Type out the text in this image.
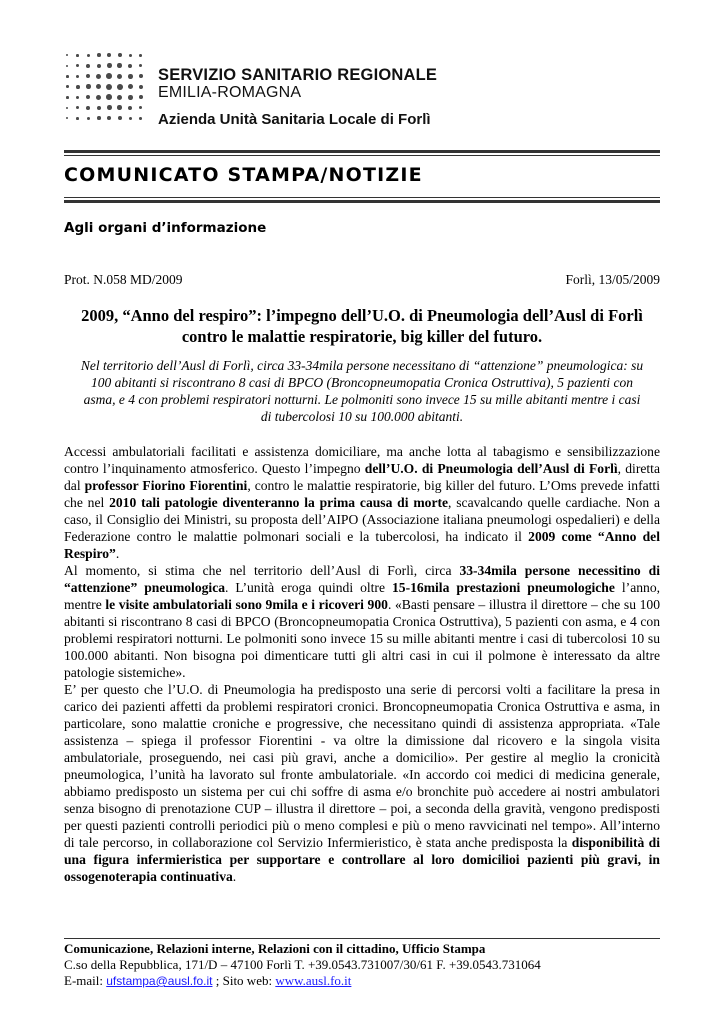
SERVIZIO SANITARIO REGIONALE
EMILIA-ROMAGNA
Azienda Unità Sanitaria Locale di Forlì
COMUNICATO STAMPA/NOTIZIE
Agli organi d’informazione
Prot. N.058 MD/2009	Forlì, 13/05/2009
2009, “Anno del respiro”: l’impegno dell’U.O. di Pneumologia dell’Ausl di Forlì contro le malattie respiratorie, big killer del futuro.
Nel territorio dell’Ausl di Forlì, circa 33-34mila persone necessitano di “attenzione” pneumologica: su 100 abitanti si riscontrano 8 casi di BPCO (Broncopneumopatia Cronica Ostruttiva), 5 pazienti con asma, e 4 con problemi respiratori notturni. Le polmoniti sono invece 15 su mille abitanti mentre i casi di tubercolosi 10 su 100.000 abitanti.

Accessi ambulatoriali facilitati e assistenza domiciliare, ma anche lotta al tabagismo e sensibilizzazione contro l’inquinamento atmosferico. Questo l’impegno dell’U.O. di Pneumologia dell’Ausl di Forlì, diretta dal professor Fiorino Fiorentini, contro le malattie respiratorie, big killer del futuro. L’Oms prevede infatti che nel 2010 tali patologie diventeranno la prima causa di morte, scavalcando quelle cardiache. Non a caso, il Consiglio dei Ministri, su proposta dell’AIPO (Associazione italiana pneumologi ospedalieri) e della Federazione contro le malattie polmonari sociali e la tubercolosi, ha indicato il 2009 come “Anno del Respiro”.

Al momento, si stima che nel territorio dell’Ausl di Forlì, circa 33-34mila persone necessitino di “attenzione” pneumologica. L’unità eroga quindi oltre 15-16mila prestazioni pneumologiche l’anno, mentre le visite ambulatoriali sono 9mila e i ricoveri 900. «Basti pensare – illustra il direttore – che su 100 abitanti si riscontrano 8 casi di BPCO (Broncopneumopatia Cronica Ostruttiva), 5 pazienti con asma, e 4 con problemi respiratori notturni. Le polmoniti sono invece 15 su mille abitanti mentre i casi di tubercolosi 10 su 100.000 abitanti. Non bisogna poi dimenticare tutti gli altri casi in cui il polmone è interessato da altre patologie sistemiche».

E’ per questo che l’U.O. di Pneumologia ha predisposto una serie di percorsi volti a facilitare la presa in carico dei pazienti affetti da problemi respiratori cronici. Broncopneumopatia Cronica Ostruttiva e asma, in particolare, sono malattie croniche e progressive, che necessitano quindi di assistenza appropriata. «Tale assistenza – spiega il professor Fiorentini - va oltre la dimissione dal ricovero e la singola visita ambulatoriale, proseguendo, nei casi più gravi, anche a domicilio». Per gestire al meglio la cronicità pneumologica, l’unità ha lavorato sul fronte ambulatoriale. «In accordo coi medici di medicina generale, abbiamo predisposto un sistema per cui chi soffre di asma e/o bronchite può accedere ai nostri ambulatori senza bisogno di prenotazione CUP – illustra il direttore – poi, a seconda della gravità, vengono predisposti per questi pazienti controlli periodici più o meno complesi e più o meno ravvicinati nel tempo». All’interno di tale percorso, in collaborazione col Servizio Infermieristico, è stata anche predisposta la disponibilità di una figura infermieristica per supportare e controllare al loro domicilioi pazienti più gravi, in ossogenoterapia continuativa.

Comunicazione, Relazioni interne, Relazioni con il cittadino, Ufficio Stampa
C.so della Repubblica, 171/D – 47100 Forlì T. +39.0543.731007/30/61 F. +39.0543.731064
E-mail: ufstampa@ausl.fo.it ; Sito web: www.ausl.fo.it
